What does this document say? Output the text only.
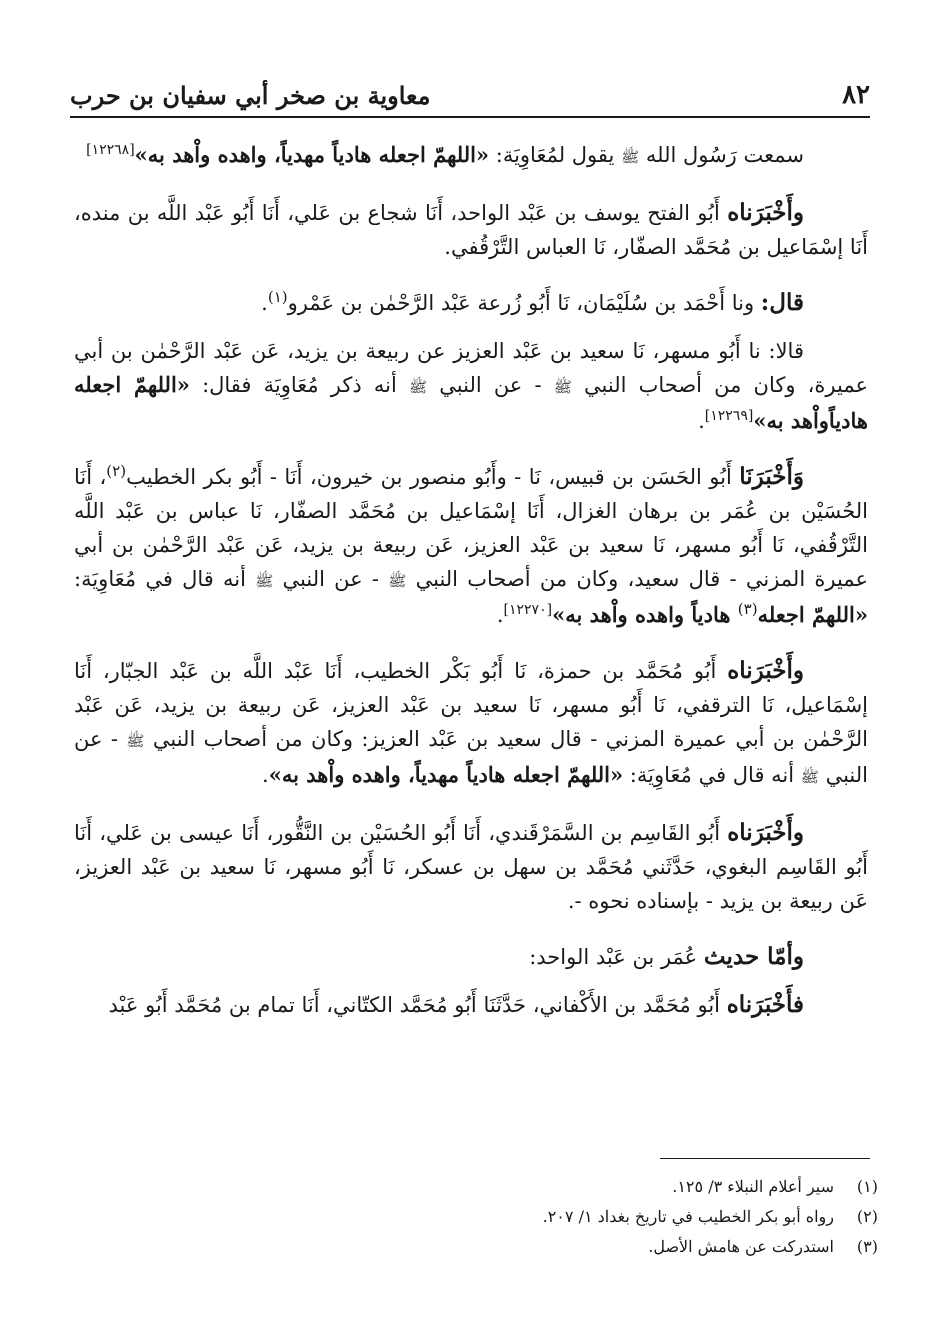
٨٢
معاوية بن صخر أبي سفيان بن حرب

سمعت رَسُول الله ﷺ يقول لمُعَاوِيَة: «اللهمّ اجعله هادياً مهدياً، واهده واْهد به»[١٢٢٦٨]

وأَخْبَرَناه أَبُو الفتح يوسف بن عَبْد الواحد، أَنَا شجاع بن عَلي، أَنَا أَبُو عَبْد اللَّه بن منده، أَنَا إسْمَاعيل بن مُحَمَّد الصفّار، نَا العباس التَّرْقُفي.

قال: ونا أَحْمَد بن سُلَيْمَان، نَا أَبُو زُرعة عَبْد الرَّحْمٰن بن عَمْرو$^{(١)}$.

قالا: نا أَبُو مسهر، نَا سعيد بن عَبْد العزيز عن ربيعة بن يزيد، عَن عَبْد الرَّحْمٰن بن أبي عميرة، وكان من أصحاب النبي ﷺ - عن النبي ﷺ أنه ذكر مُعَاوِيَة فقال: «اللهمّ اجعله هادياًواْهد به»[١٢٢٦٩].

وَأَخْبَرَنَا أَبُو الحَسَن بن قبيس، نَا - وأَبُو منصور بن خيرون، أَنَا - أَبُو بكر الخطيب$^{(٢)}$، أَنَا الحُسَيْن بن عُمَر بن برهان الغزال، أَنَا إسْمَاعيل بن مُحَمَّد الصفّار، نَا عباس بن عَبْد اللَّه التَّرْقُفي، نَا أَبُو مسهر، نَا سعيد بن عَبْد العزيز، عَن ربيعة بن يزيد، عَن عَبْد الرَّحْمٰن بن أبي عميرة المزني - قال سعيد، وكان من أصحاب النبي ﷺ - عن النبي ﷺ أنه قال في مُعَاوِيَة: «اللهمّ اجعله$^{(٣)}$ هادياً واهده واْهد به»[١٢٢٧٠].

وأَخْبَرَناه أَبُو مُحَمَّد بن حمزة، نَا أَبُو بَكْر الخطيب، أَنَا عَبْد اللَّه بن عَبْد الجبّار، أَنَا إسْمَاعيل، نَا الترقفي، نَا أَبُو مسهر، نَا سعيد بن عَبْد العزيز، عَن ربيعة بن يزيد، عَن عَبْد الرَّحْمٰن بن أبي عميرة المزني - قال سعيد بن عَبْد العزيز: وكان من أصحاب النبي ﷺ - عن النبي ﷺ أنه قال في مُعَاوِيَة: «اللهمّ اجعله هادياً مهدياً، واهده واْهد به».

وأَخْبَرَناه أَبُو القَاسِم بن السَّمَرْقَندي، أَنَا أَبُو الحُسَيْن بن النَّقُّور، أَنَا عيسى بن عَلي، أَنَا أَبُو القَاسِم البغوي، حَدَّثَني مُحَمَّد بن سهل بن عسكر، نَا أَبُو مسهر، نَا سعيد بن عَبْد العزيز، عَن ربيعة بن يزيد - بإسناده نحوه -.

وأمّا حديث عُمَر بن عَبْد الواحد:

فأَخْبَرَناه أَبُو مُحَمَّد بن الأَكْفاني، حَدَّثَنَا أَبُو مُحَمَّد الكتّاني، أَنَا تمام بن مُحَمَّد أَبُو عَبْد

(١)
سير أعلام النبلاء ٣/ ١٢٥.
(٢)
رواه أبو بكر الخطيب في تاريخ بغداد ١/ ٢٠٧.
(٣)
استدركت عن هامش الأصل.
